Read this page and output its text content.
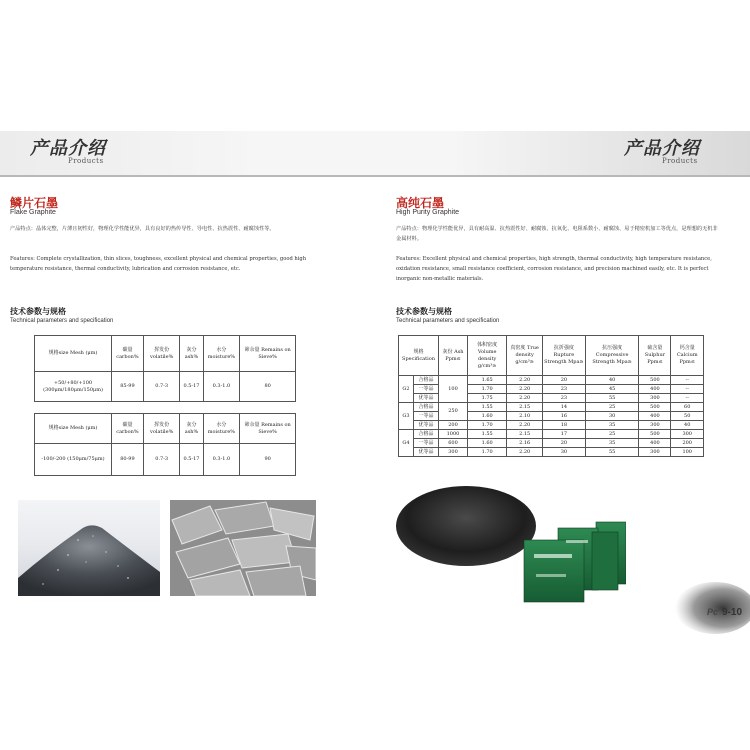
产品介绍
Products
产品介绍
Products
鳞片石墨
Flake Graphite
产品特点：晶体完整，片薄且韧性好，物理化学性能优异，具有良好的热传导性、导电性、抗热震性、耐腐蚀性等。
Features: Complete crystallization, thin slices, toughness, excellent physical and chemical properties, good high temperature resistance, thermal conductivity, lubrication and corrosion resistance, etc.
技术参数与规格
Technical parameters and specification
规格size Mesh (μm)	碳量 carbon%	挥发份 volatile%	灰分 ash%	水分 moisture%	筛余量 Remains on Sieve%
+50/+80/+100 (300μm/180μm/150μm)	85-99	0.7-3	0.5-17	0.3-1.0	80
规格size Mesh (μm)	碳量 carbon%	挥发份 volatile%	灰分 ash%	水分 moisture%	筛余量 Remains on Sieve%
-100/-200 (150μm/75μm)	80-99	0.7-3	0.5-17	0.3-1.0	90
高纯石墨
High Purity Graphite
产品特点：物理化学性能优异，具有耐高温、抗热震性好、耐腐蚀、抗氧化、电阻系数小、耐腐蚀、易于精密机加工等优点，是理想的无机非金属材料。
Features: Excellent physical and chemical properties, high strength, thermal conductivity, high temperature resistance, oxidation resistance, small resistance coefficient, corrosion resistance, and precision machined easily, etc. It is perfect inorganic non-metallic materials.
技术参数与规格
Technical parameters and specification
规格 Specification		灰份 Ash Ppm≤	体积密度 Volume density g/cm³≥	真密度 True density g/cm³≥	抗折强度 Rupture Strength Mpa≥	抗压强度 Compressive Strength Mpa≥	硫含量 Sulphur Ppm≤	钙含量 Calcium Ppm≤
G2	合格品	100	1.65	2.20	20	40	500	--
	一等品		1.70	2.20	23	45	400	--
	优等品		1.75	2.20	23	55	300	--
G3	合格品	250	1.55	2.15	14	25	500	60
	一等品		1.60	2.10	16	30	400	50
	优等品	200	1.70	2.20	18	35	300	40
G4	合格品	1000	1.55	2.15	17	25	500	300
	一等品	600	1.60	2.16	20	35	400	200
	优等品	300	1.70	2.20	30	55	300	100
Pc 9-10
